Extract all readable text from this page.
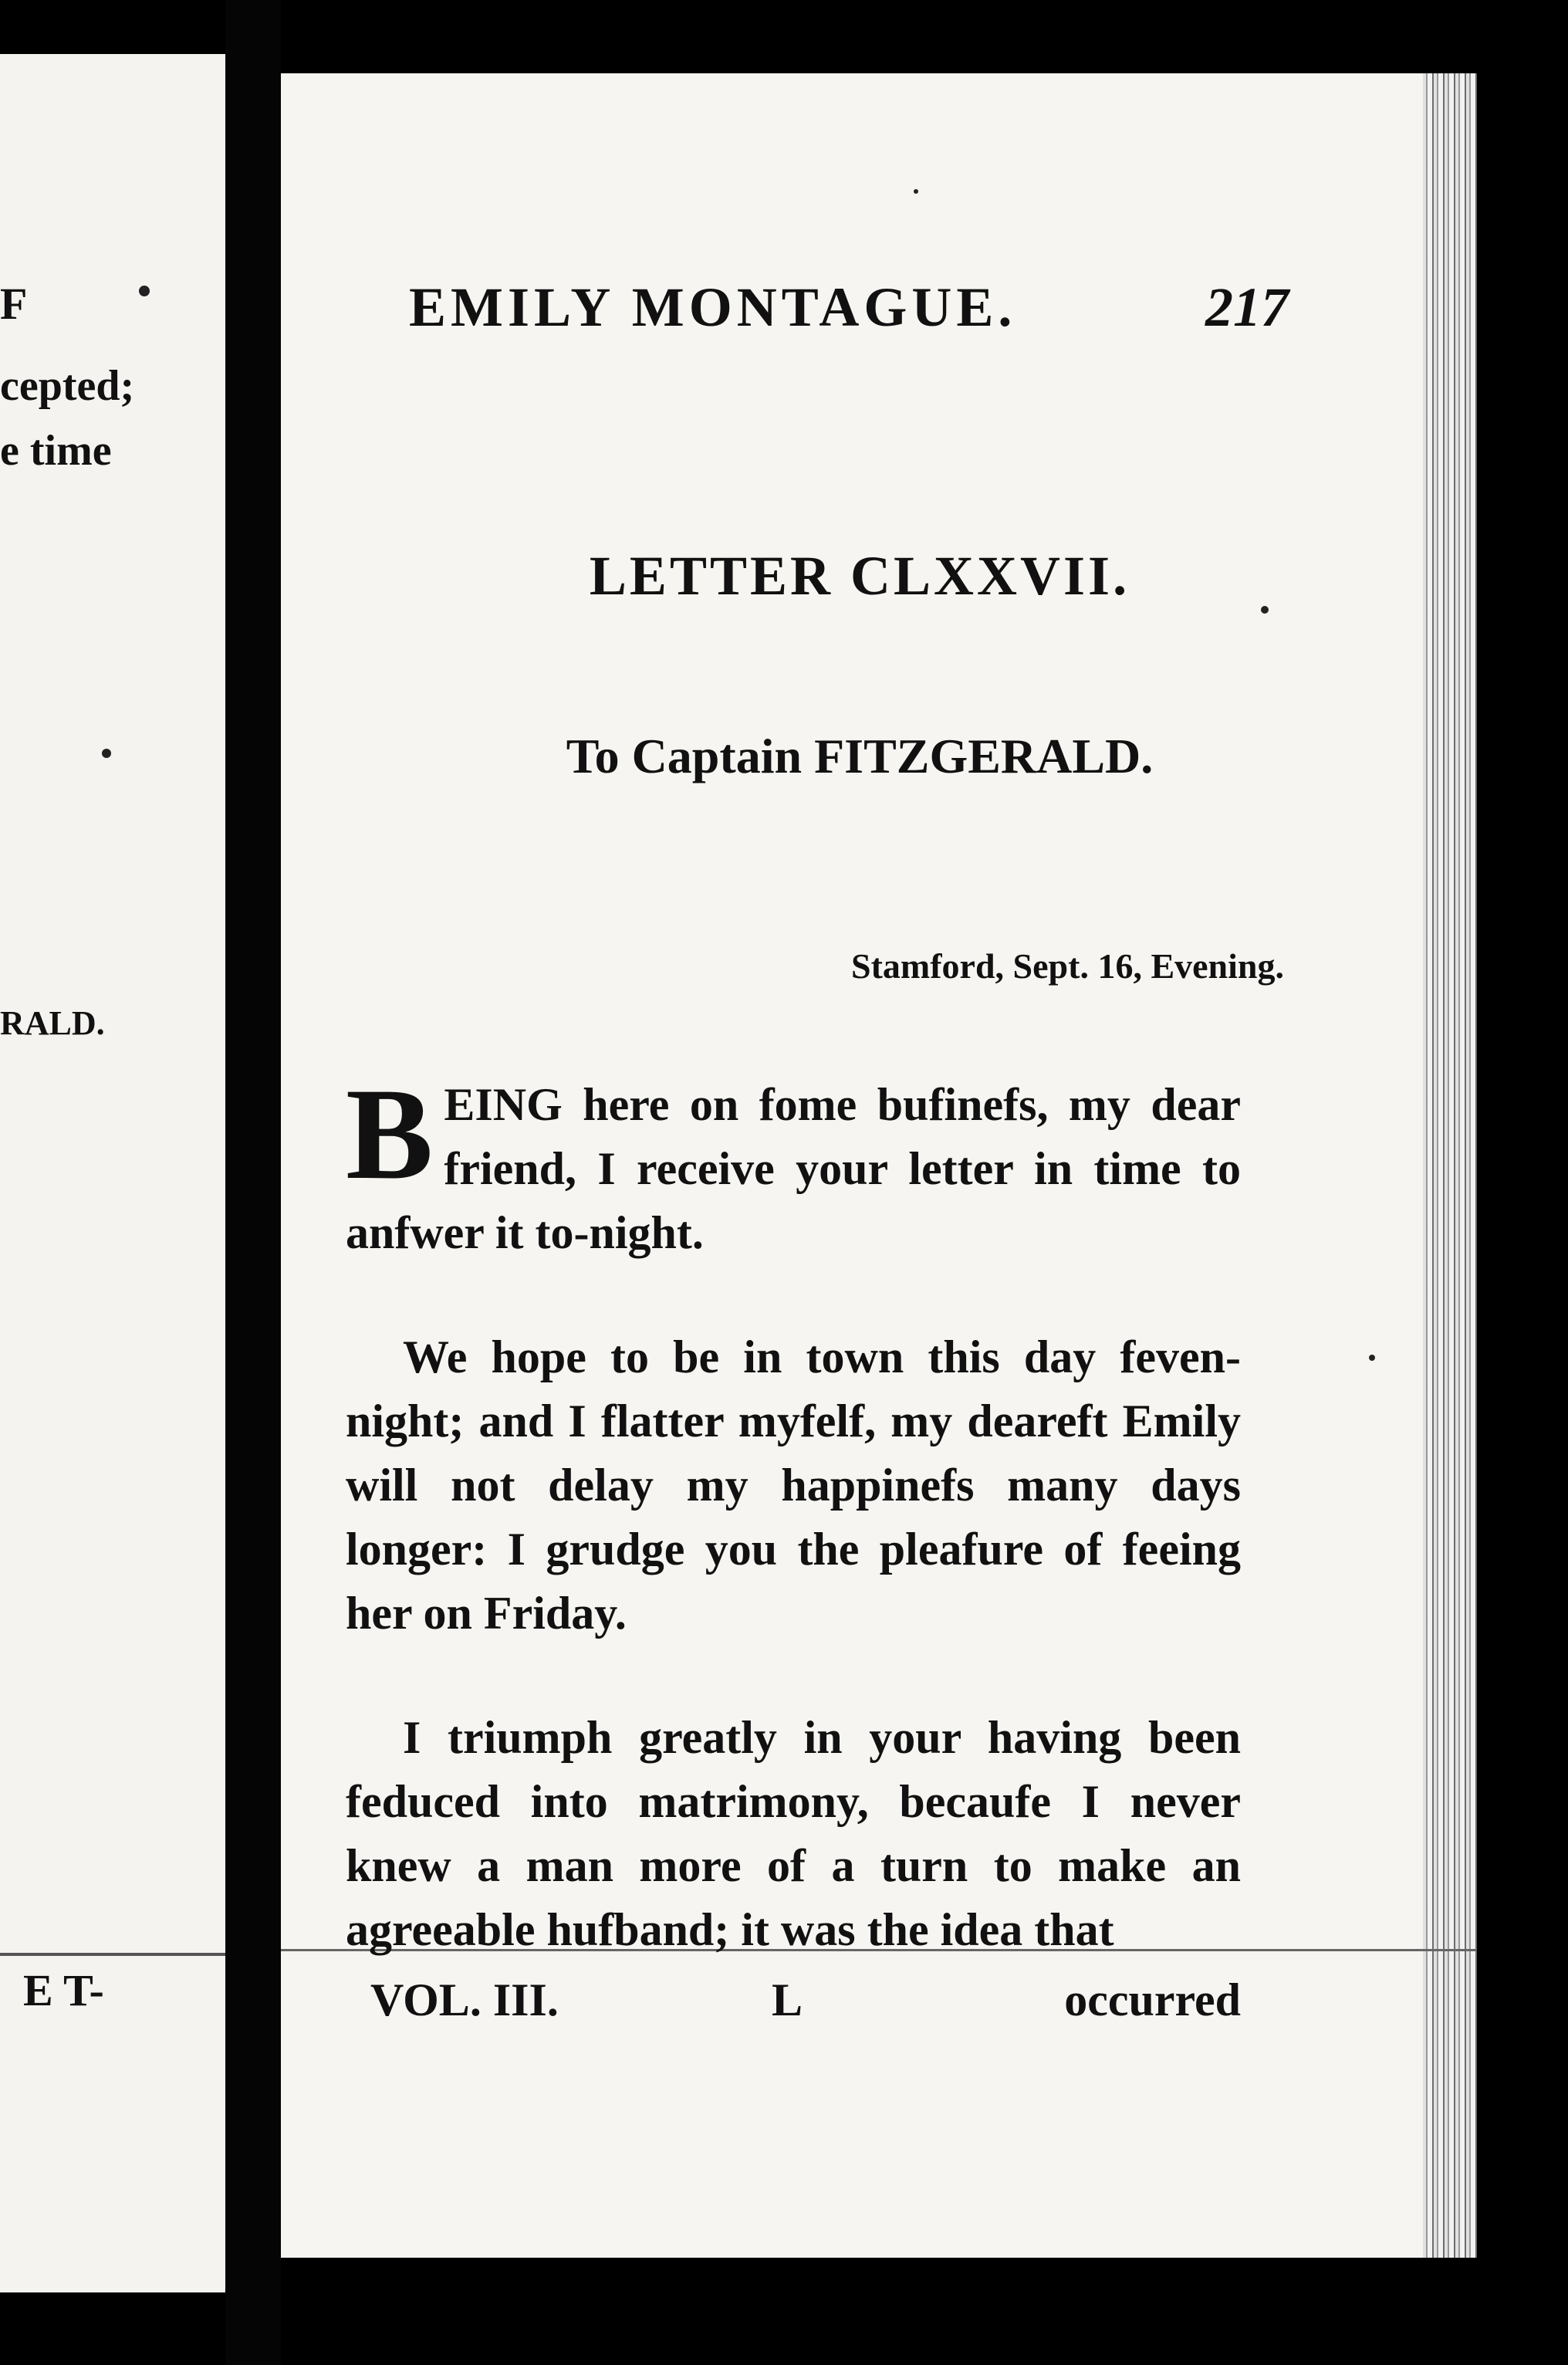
F
cepted;
e time
RALD.
E T-
EMILY MONTAGUE.	217
LETTER CLXXVII.
To Captain FITZGERALD.
Stamford, Sept. 16, Evening.

B EING here on fome bufinefs, my dear friend, I receive your letter in time to anfwer it to-night.

We hope to be in town this day feven-night; and I flatter myfelf, my deareft Emily will not delay my happinefs many days longer: I grudge you the pleafure of feeing her on Friday.

I triumph greatly in your having been feduced into matrimony, becaufe I never knew a man more of a turn to make an agreeable hufband; it was the idea that

VOL. III.	L	occurred
